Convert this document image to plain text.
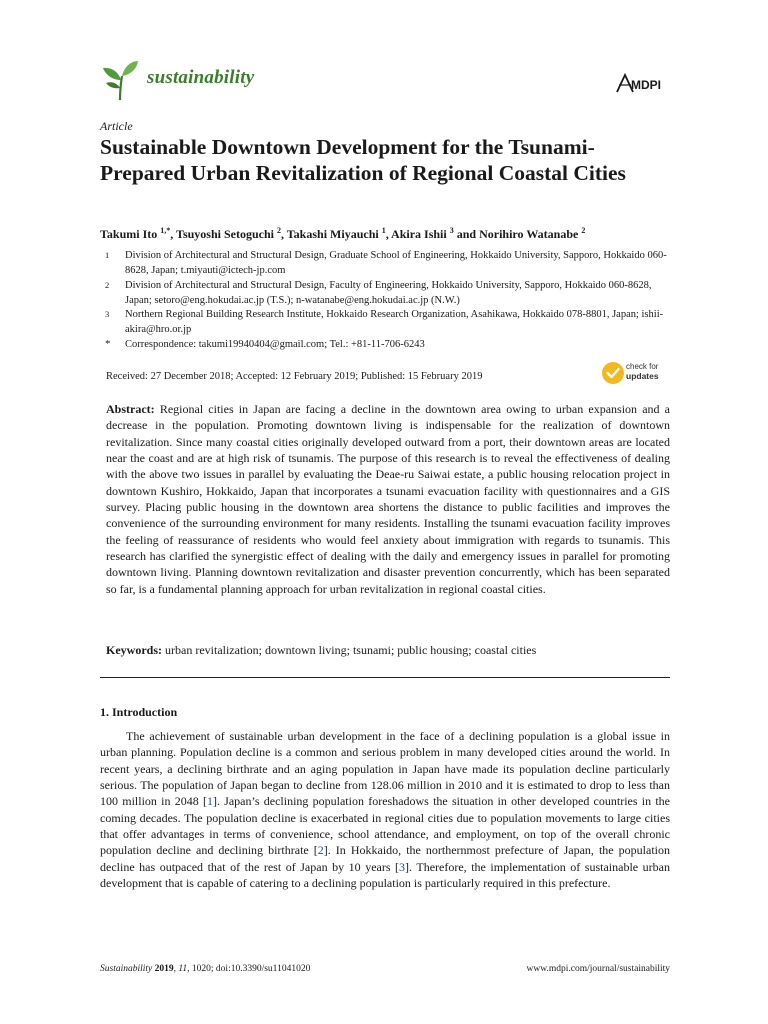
sustainability	MDPI
Article
Sustainable Downtown Development for the Tsunami-Prepared Urban Revitalization of Regional Coastal Cities
Takumi Ito $^{1,*}$, Tsuyoshi Setoguchi $^2$, Takashi Miyauchi $^1$, Akira Ishii $^3$ and Norihiro Watanabe $^2$
1 Division of Architectural and Structural Design, Graduate School of Engineering, Hokkaido University, Sapporo, Hokkaido 060-8628, Japan; t.miyauti@ictech-jp.com
2 Division of Architectural and Structural Design, Faculty of Engineering, Hokkaido University, Sapporo, Hokkaido 060-8628, Japan; setoro@eng.hokudai.ac.jp (T.S.); n-watanabe@eng.hokudai.ac.jp (N.W.)
3 Northern Regional Building Research Institute, Hokkaido Research Organization, Asahikawa, Hokkaido 078-8801, Japan; ishii-akira@hro.or.jp
* Correspondence: takumi19940404@gmail.com; Tel.: +81-11-706-6243
Received: 27 December 2018; Accepted: 12 February 2019; Published: 15 February 2019
check for
updates
Abstract: Regional cities in Japan are facing a decline in the downtown area owing to urban expansion and a decrease in the population. Promoting downtown living is indispensable for the realization of downtown revitalization. Since many coastal cities originally developed outward from a port, their downtown areas are located near the coast and are at high risk of tsunamis. The purpose of this research is to reveal the effectiveness of dealing with the above two issues in parallel by evaluating the Deae-ru Saiwai estate, a public housing relocation project in downtown Kushiro, Hokkaido, Japan that incorporates a tsunami evacuation facility with questionnaires and a GIS survey. Placing public housing in the downtown area shortens the distance to public facilities and improves the convenience of the surrounding environment for many residents. Installing the tsunami evacuation facility improves the feeling of reassurance of residents who would feel anxiety about immigration with regards to tsunamis. This research has clarified the synergistic effect of dealing with the daily and emergency issues in parallel for promoting downtown living. Planning downtown revitalization and disaster prevention concurrently, which has been separated so far, is a fundamental planning approach for urban revitalization in regional coastal cities.
Keywords: urban revitalization; downtown living; tsunami; public housing; coastal cities
1. Introduction
The achievement of sustainable urban development in the face of a declining population is a global issue in urban planning. Population decline is a common and serious problem in many developed cities around the world. In recent years, a declining birthrate and an aging population in Japan have made its population decline particularly serious. The population of Japan began to decline from 128.06 million in 2010 and it is estimated to drop to less than 100 million in 2048 [1]. Japan’s declining population foreshadows the situation in other developed countries in the coming decades. The population decline is exacerbated in regional cities due to population movements to large cities that offer advantages in terms of convenience, school attendance, and employment, on top of the overall chronic population decline and declining birthrate [2]. In Hokkaido, the northernmost prefecture of Japan, the population decline has outpaced that of the rest of Japan by 10 years [3]. Therefore, the implementation of sustainable urban development that is capable of catering to a declining population is particularly required in this prefecture.
Sustainability 2019, 11, 1020; doi:10.3390/su11041020	www.mdpi.com/journal/sustainability
